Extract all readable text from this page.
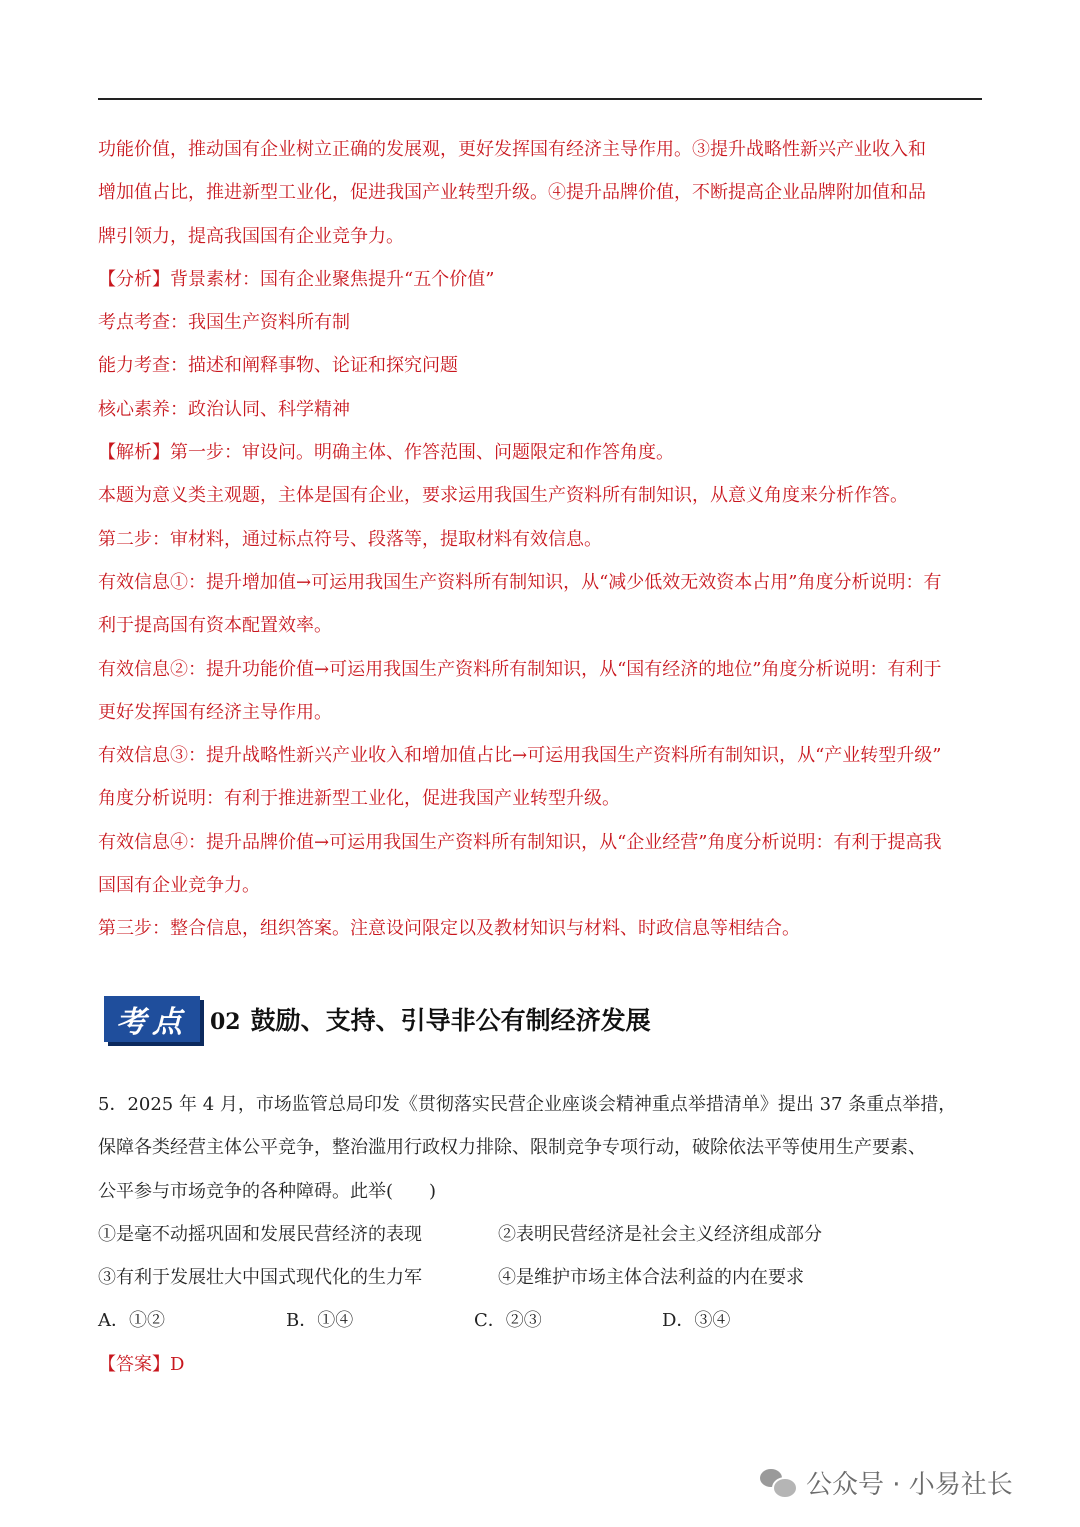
功能价值，推动国有企业树立正确的发展观，更好发挥国有经济主导作用。③提升战略性新兴产业收入和
增加值占比，推进新型工业化，促进我国产业转型升级。④提升品牌价值，不断提高企业品牌附加值和品
牌引领力，提高我国国有企业竞争力。
【分析】背景素材：国有企业聚焦提升“五个价值”
考点考查：我国生产资料所有制
能力考查：描述和阐释事物、论证和探究问题
核心素养：政治认同、科学精神
【解析】第一步：审设问。明确主体、作答范围、问题限定和作答角度。
本题为意义类主观题，主体是国有企业，要求运用我国生产资料所有制知识，从意义角度来分析作答。
第二步：审材料，通过标点符号、段落等，提取材料有效信息。
有效信息①：提升增加值→可运用我国生产资料所有制知识，从“减少低效无效资本占用”角度分析说明：有
利于提高国有资本配置效率。
有效信息②：提升功能价值→可运用我国生产资料所有制知识，从“国有经济的地位”角度分析说明：有利于
更好发挥国有经济主导作用。
有效信息③：提升战略性新兴产业收入和增加值占比→可运用我国生产资料所有制知识，从“产业转型升级”
角度分析说明：有利于推进新型工业化，促进我国产业转型升级。
有效信息④：提升品牌价值→可运用我国生产资料所有制知识，从“企业经营”角度分析说明：有利于提高我
国国有企业竞争力。
第三步：整合信息，组织答案。注意设问限定以及教材知识与材料、时政信息等相结合。
考点	02 鼓励、支持、引导非公有制经济发展
5．2025 年 4 月，市场监管总局印发《贯彻落实民营企业座谈会精神重点举措清单》提出 37 条重点举措，
保障各类经营主体公平竞争，整治滥用行政权力排除、限制竞争专项行动，破除依法平等使用生产要素、
公平参与市场竞争的各种障碍。此举(　　)
①是毫不动摇巩固和发展民营经济的表现	②表明民营经济是社会主义经济组成部分
③有利于发展壮大中国式现代化的生力军	④是维护市场主体合法利益的内在要求
A．①②	B．①④	C．②③	D．③④
【答案】D
公众号 · 小易社长
